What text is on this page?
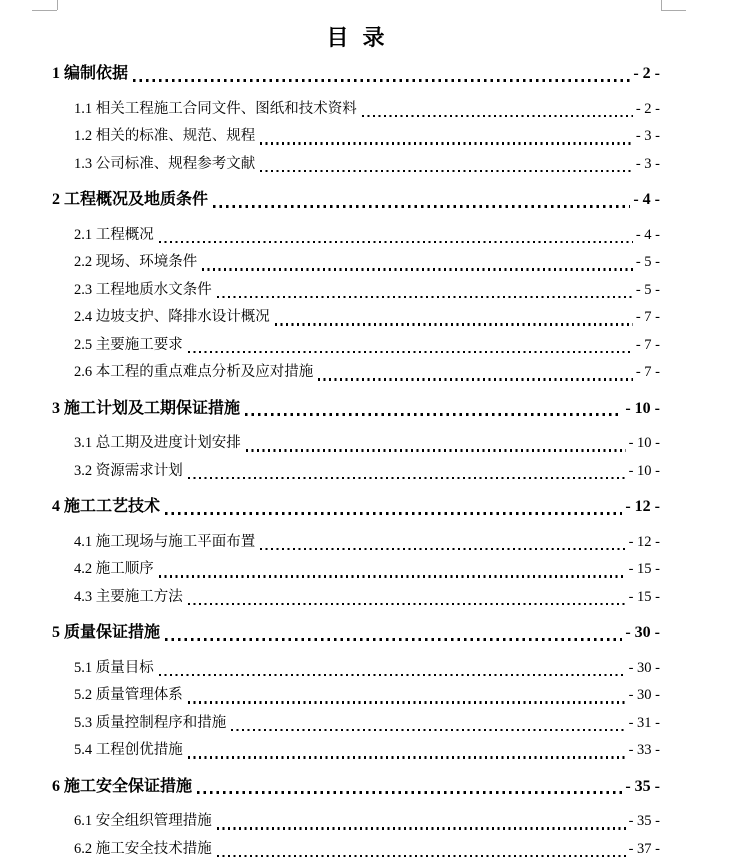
目  录
1 编制依据	- 2 -
1.1 相关工程施工合同文件、图纸和技术资料	- 2 -
1.2 相关的标准、规范、规程	- 3 -
1.3 公司标准、规程参考文献	- 3 -
2 工程概况及地质条件	- 4 -
2.1 工程概况	- 4 -
2.2 现场、环境条件	- 5 -
2.3 工程地质水文条件	- 5 -
2.4 边坡支护、降排水设计概况	- 7 -
2.5 主要施工要求	- 7 -
2.6 本工程的重点难点分析及应对措施	- 7 -
3 施工计划及工期保证措施	- 10 -
3.1 总工期及进度计划安排	- 10 -
3.2 资源需求计划	- 10 -
4 施工工艺技术	- 12 -
4.1 施工现场与施工平面布置	- 12 -
4.2 施工顺序	- 15 -
4.3 主要施工方法	- 15 -
5 质量保证措施	- 30 -
5.1 质量目标	- 30 -
5.2 质量管理体系	- 30 -
5.3 质量控制程序和措施	- 31 -
5.4 工程创优措施	- 33 -
6 施工安全保证措施	- 35 -
6.1 安全组织管理措施	- 35 -
6.2 施工安全技术措施	- 37 -
